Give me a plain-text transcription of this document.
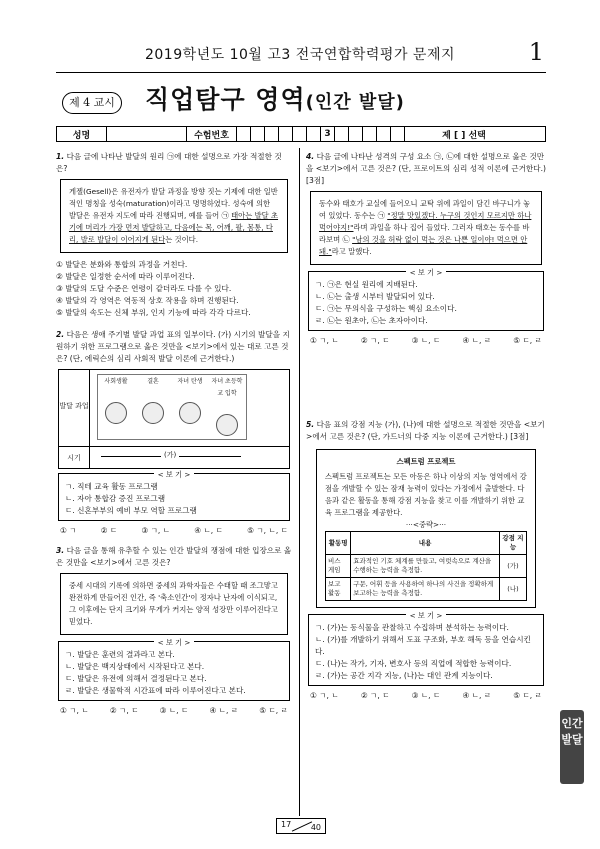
2019학년도 10월 고3 전국연합학력평가 문제지	1
제 4 교시 직업탐구 영역(인간 발달)
성명	수험번호	3	제 [ ] 선택
1. 다음 글에 나타난 발달의 원리 ㉠에 대한 설명으로 가장 적절한 것은?
게젤(Gesell)은 유전자가 발달 과정을 방향 짓는 기제에 대한 일반적인 명칭을 성숙(maturation)이라고 명명하였다. 성숙에 의한 발달은 유전자 지도에 따라 진행되며, 예를 들어 ㉠ 태아는 발달 초기에 머리가 가장 먼저 발달하고, 다음에는 목, 어깨, 팔, 몸통, 다리, 발로 발달이 이어지게 된다는 것이다.
① 발달은 분화와 통합의 과정을 거친다.
② 발달은 일정한 순서에 따라 이루어진다.
③ 발달의 도달 수준은 연령이 같더라도 다를 수 있다.
④ 발달의 각 영역은 역동적 상호 작용을 하며 진행된다.
⑤ 발달의 속도는 신체 부위, 인지 기능에 따라 각각 다르다.
2. 다음은 생애 주기별 발달 과업 표의 일부이다. (가) 시기의 발달을 지원하기 위한 프로그램으로 옳은 것만을 <보기>에서 있는 대로 고른 것은? (단, 에릭슨의 심리 사회적 발달 이론에 근거한다.)
발달 과업
시기
사회생활	결혼	자녀 탄생	자녀 초등학교 입학
(가)
< 보 기 >
ㄱ. 직테 교육 활동 프로그램
ㄴ. 자아 통합감 증진 프로그램
ㄷ. 신혼부부의 예비 부모 역할 프로그램
① ㄱ	② ㄷ	③ ㄱ, ㄴ	④ ㄴ, ㄷ	⑤ ㄱ, ㄴ, ㄷ
3. 다음 글을 통해 유추할 수 있는 인간 발달의 쟁점에 대한 입장으로 옳은 것만을 <보기>에서 고른 것은?
중세 시대의 기록에 의하면 중세의 과학자들은 수태할 때 조그맣고 완전하게 만들어진 인간, 즉 '축소인간'이 정자나 난자에 이식되고, 그 이후에는 단지 크기와 무게가 커지는 양적 성장만 이루어진다고 믿었다.
< 보 기 >
ㄱ. 발달은 훈련의 결과라고 본다.
ㄴ. 발달은 백지상태에서 시작된다고 본다.
ㄷ. 발달은 유전에 의해서 결정된다고 본다.
ㄹ. 발달은 생물학적 시간표에 따라 이루어진다고 본다.
① ㄱ, ㄴ	② ㄱ, ㄷ	③ ㄴ, ㄷ	④ ㄴ, ㄹ	⑤ ㄷ, ㄹ
4. 다음 글에 나타난 성격의 구성 요소 ㉠, ㉡에 대한 설명으로 옳은 것만을 <보기>에서 고른 것은? (단, 프로이트의 심리 성적 이론에 근거한다.) [3점]
동수와 태호가 교실에 들어오니 교탁 위에 과일이 담긴 바구니가 놓여 있었다. 동수는 ㉠ "정말 맛있겠다. 누구의 것인지 모르지만 하나 먹어야지!"라며 과일을 하나 집어 들었다. 그러자 태호는 동수를 바라보며 ㉡ "남의 것을 허락 없이 먹는 것은 나쁜 일이야! 먹으면 안 돼."라고 말했다.
< 보 기 >
ㄱ. ㉠은 현실 원리에 지배된다.
ㄴ. ㉡는 출생 시부터 발달되어 있다.
ㄷ. ㉠는 무의식을 구성하는 핵심 요소이다.
ㄹ. ㉡는 원초아, ㉡는 초자아이다.
① ㄱ, ㄴ	② ㄱ, ㄷ	③ ㄴ, ㄷ	④ ㄴ, ㄹ	⑤ ㄷ, ㄹ
5. 다음 표의 강점 지능 (가), (나)에 대한 설명으로 적절한 것만을 <보기>에서 고른 것은? (단, 가드너의 다중 지능 이론에 근거한다.) [3점]
스펙트럼 프로젝트
스펙트럼 프로젝트는 모든 아동은 하나 이상의 지능 영역에서 강점을 개발할 수 있는 잠재 능력이 있다는 가정에서 출발한다. 다음과 같은 활동을 통해 강점 지능을 찾고 이를 개발하기 위한 교육 프로그램을 제공한다.
···<중략>···
활동명	내용	강점 지능
비스 게임	효과적인 기호 체계를 만들고, 여럿속으로 계산을 수행하는 능력을 측정함.	(가)
보고 활동	구문, 어휘 등을 사용하여 하나의 사건을 정확하게 보고하는 능력을 측정함.	(나)
< 보 기 >
ㄱ. (가)는 동식물을 관찰하고 수집하며 분석하는 능력이다.
ㄴ. (가)를 개발하기 위해서 도표 구조화, 부호 해독 등을 연습시킨다.
ㄷ. (나)는 작가, 기자, 변호사 등의 직업에 적합한 능력이다.
ㄹ. (가)는 공간 지각 지능, (나)는 대인 관계 지능이다.
① ㄱ, ㄴ	② ㄱ, ㄷ	③ ㄴ, ㄷ	④ ㄴ, ㄹ	⑤ ㄷ, ㄹ
인간 발달
17 40
